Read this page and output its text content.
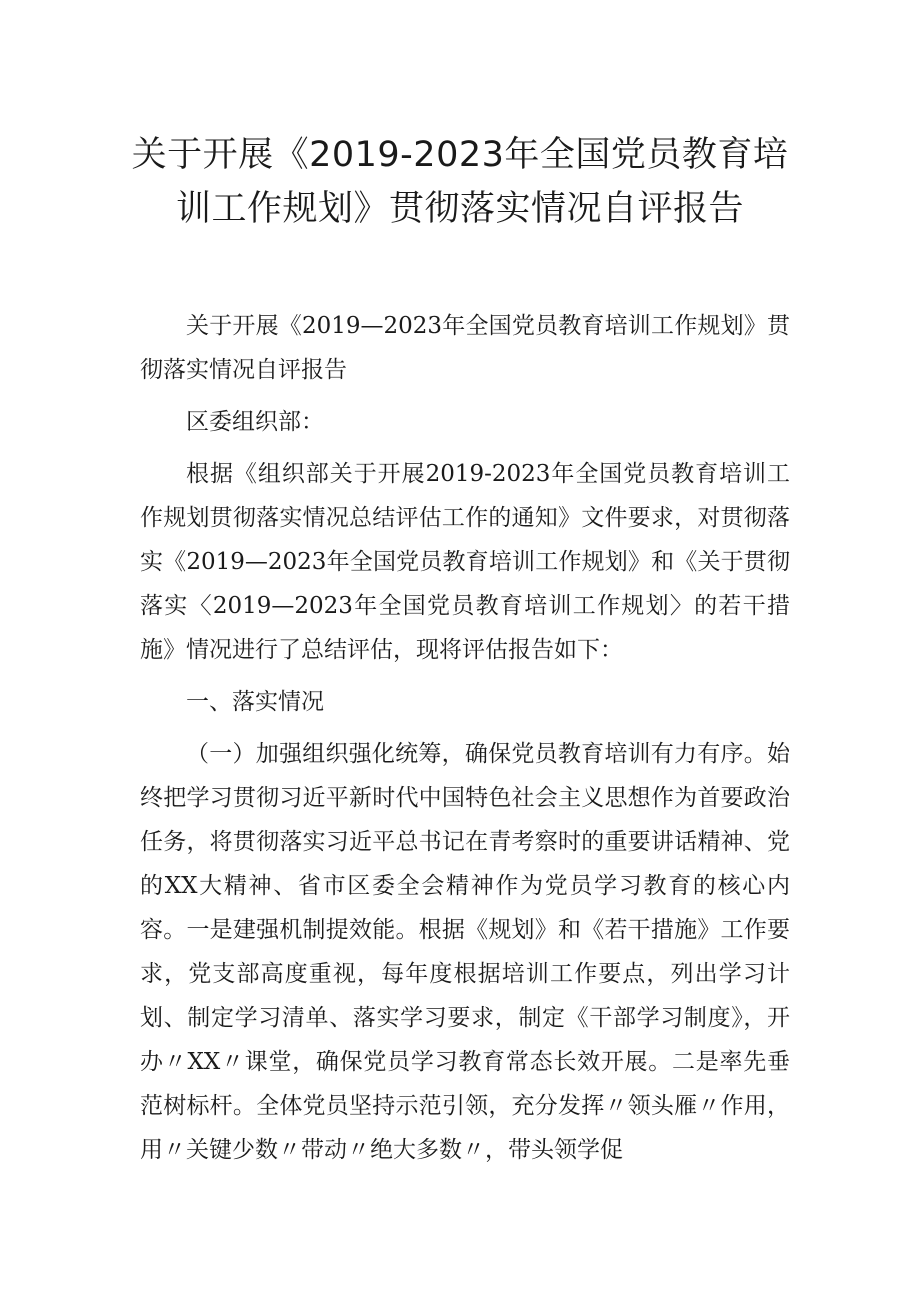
关于开展《2019-2023年全国党员教育培训工作规划》贯彻落实情况自评报告

关于开展《2019—2023年全国党员教育培训工作规划》贯彻落实情况自评报告

区委组织部：

根据《组织部关于开展2019-2023年全国党员教育培训工作规划贯彻落实情况总结评估工作的通知》文件要求，对贯彻落实《2019—2023年全国党员教育培训工作规划》和《关于贯彻落实〈2019—2023年全国党员教育培训工作规划〉的若干措施》情况进行了总结评估，现将评估报告如下：

一、落实情况

（一）加强组织强化统筹，确保党员教育培训有力有序。始终把学习贯彻习近平新时代中国特色社会主义思想作为首要政治任务，将贯彻落实习近平总书记在青考察时的重要讲话精神、党的XX大精神、省市区委全会精神作为党员学习教育的核心内容。一是建强机制提效能。根据《规划》和《若干措施》工作要求，党支部高度重视，每年度根据培训工作要点，列出学习计划、制定学习清单、落实学习要求，制定《干部学习制度》，开办〃XX〃课堂，确保党员学习教育常态长效开展。二是率先垂范树标杆。全体党员坚持示范引领，充分发挥〃领头雁〃作用，用〃关键少数〃带动〃绝大多数〃，带头领学促
